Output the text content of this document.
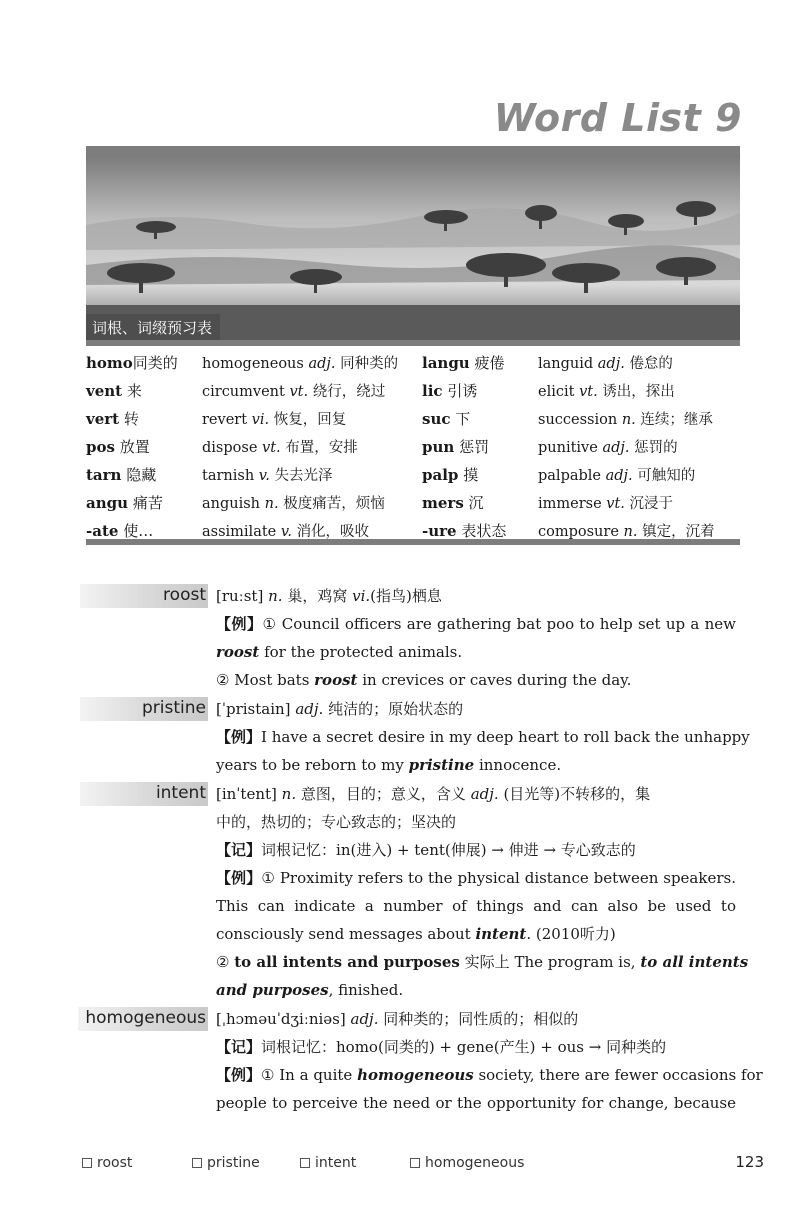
Word List 9
词根、词缀预习表
homo同类的	homogeneous adj. 同种类的	langu 疲倦	languid adj. 倦怠的
vent 来	circumvent vt. 绕行，绕过	lic 引诱	elicit vt. 诱出，探出
vert 转	revert vi. 恢复，回复	suc 下	succession n. 连续；继承
pos 放置	dispose vt. 布置，安排	pun 惩罚	punitive adj. 惩罚的
tarn 隐藏	tarnish v. 失去光泽	palp 摸	palpable adj. 可触知的
angu 痛苦	anguish n. 极度痛苦，烦恼	mers 沉	immerse vt. 沉浸于
-ate 使…	assimilate v. 消化，吸收	-ure 表状态	composure n. 镇定，沉着
roost [ruːst] n. 巢，鸡窝 vi.(指鸟)栖息
【例】① Council officers are gathering bat poo to help set up a new
roost for the protected animals.
② Most bats roost in crevices or caves during the day.
pristine [ˈpristain] adj. 纯洁的；原始状态的
【例】I have a secret desire in my deep heart to roll back the unhappy
years to be reborn to my pristine innocence.
intent [inˈtent] n. 意图，目的；意义，含义 adj. (目光等)不转移的，集
中的，热切的；专心致志的；坚决的
【记】词根记忆：in(进入) + tent(伸展) → 伸进 → 专心致志的
【例】① Proximity refers to the physical distance between speakers.
This can indicate a number of things and can also be used to
consciously send messages about intent. (2010听力)
② to all intents and purposes 实际上 The program is, to all intents
and purposes, finished.
homogeneous [ˌhɔməuˈdʒiːniəs] adj. 同种类的；同性质的；相似的
【记】词根记忆：homo(同类的) + gene(产生) + ous → 同种类的
【例】① In a quite homogeneous society, there are fewer occasions for
people to perceive the need or the opportunity for change, because
roost	pristine	intent	homogeneous	123
